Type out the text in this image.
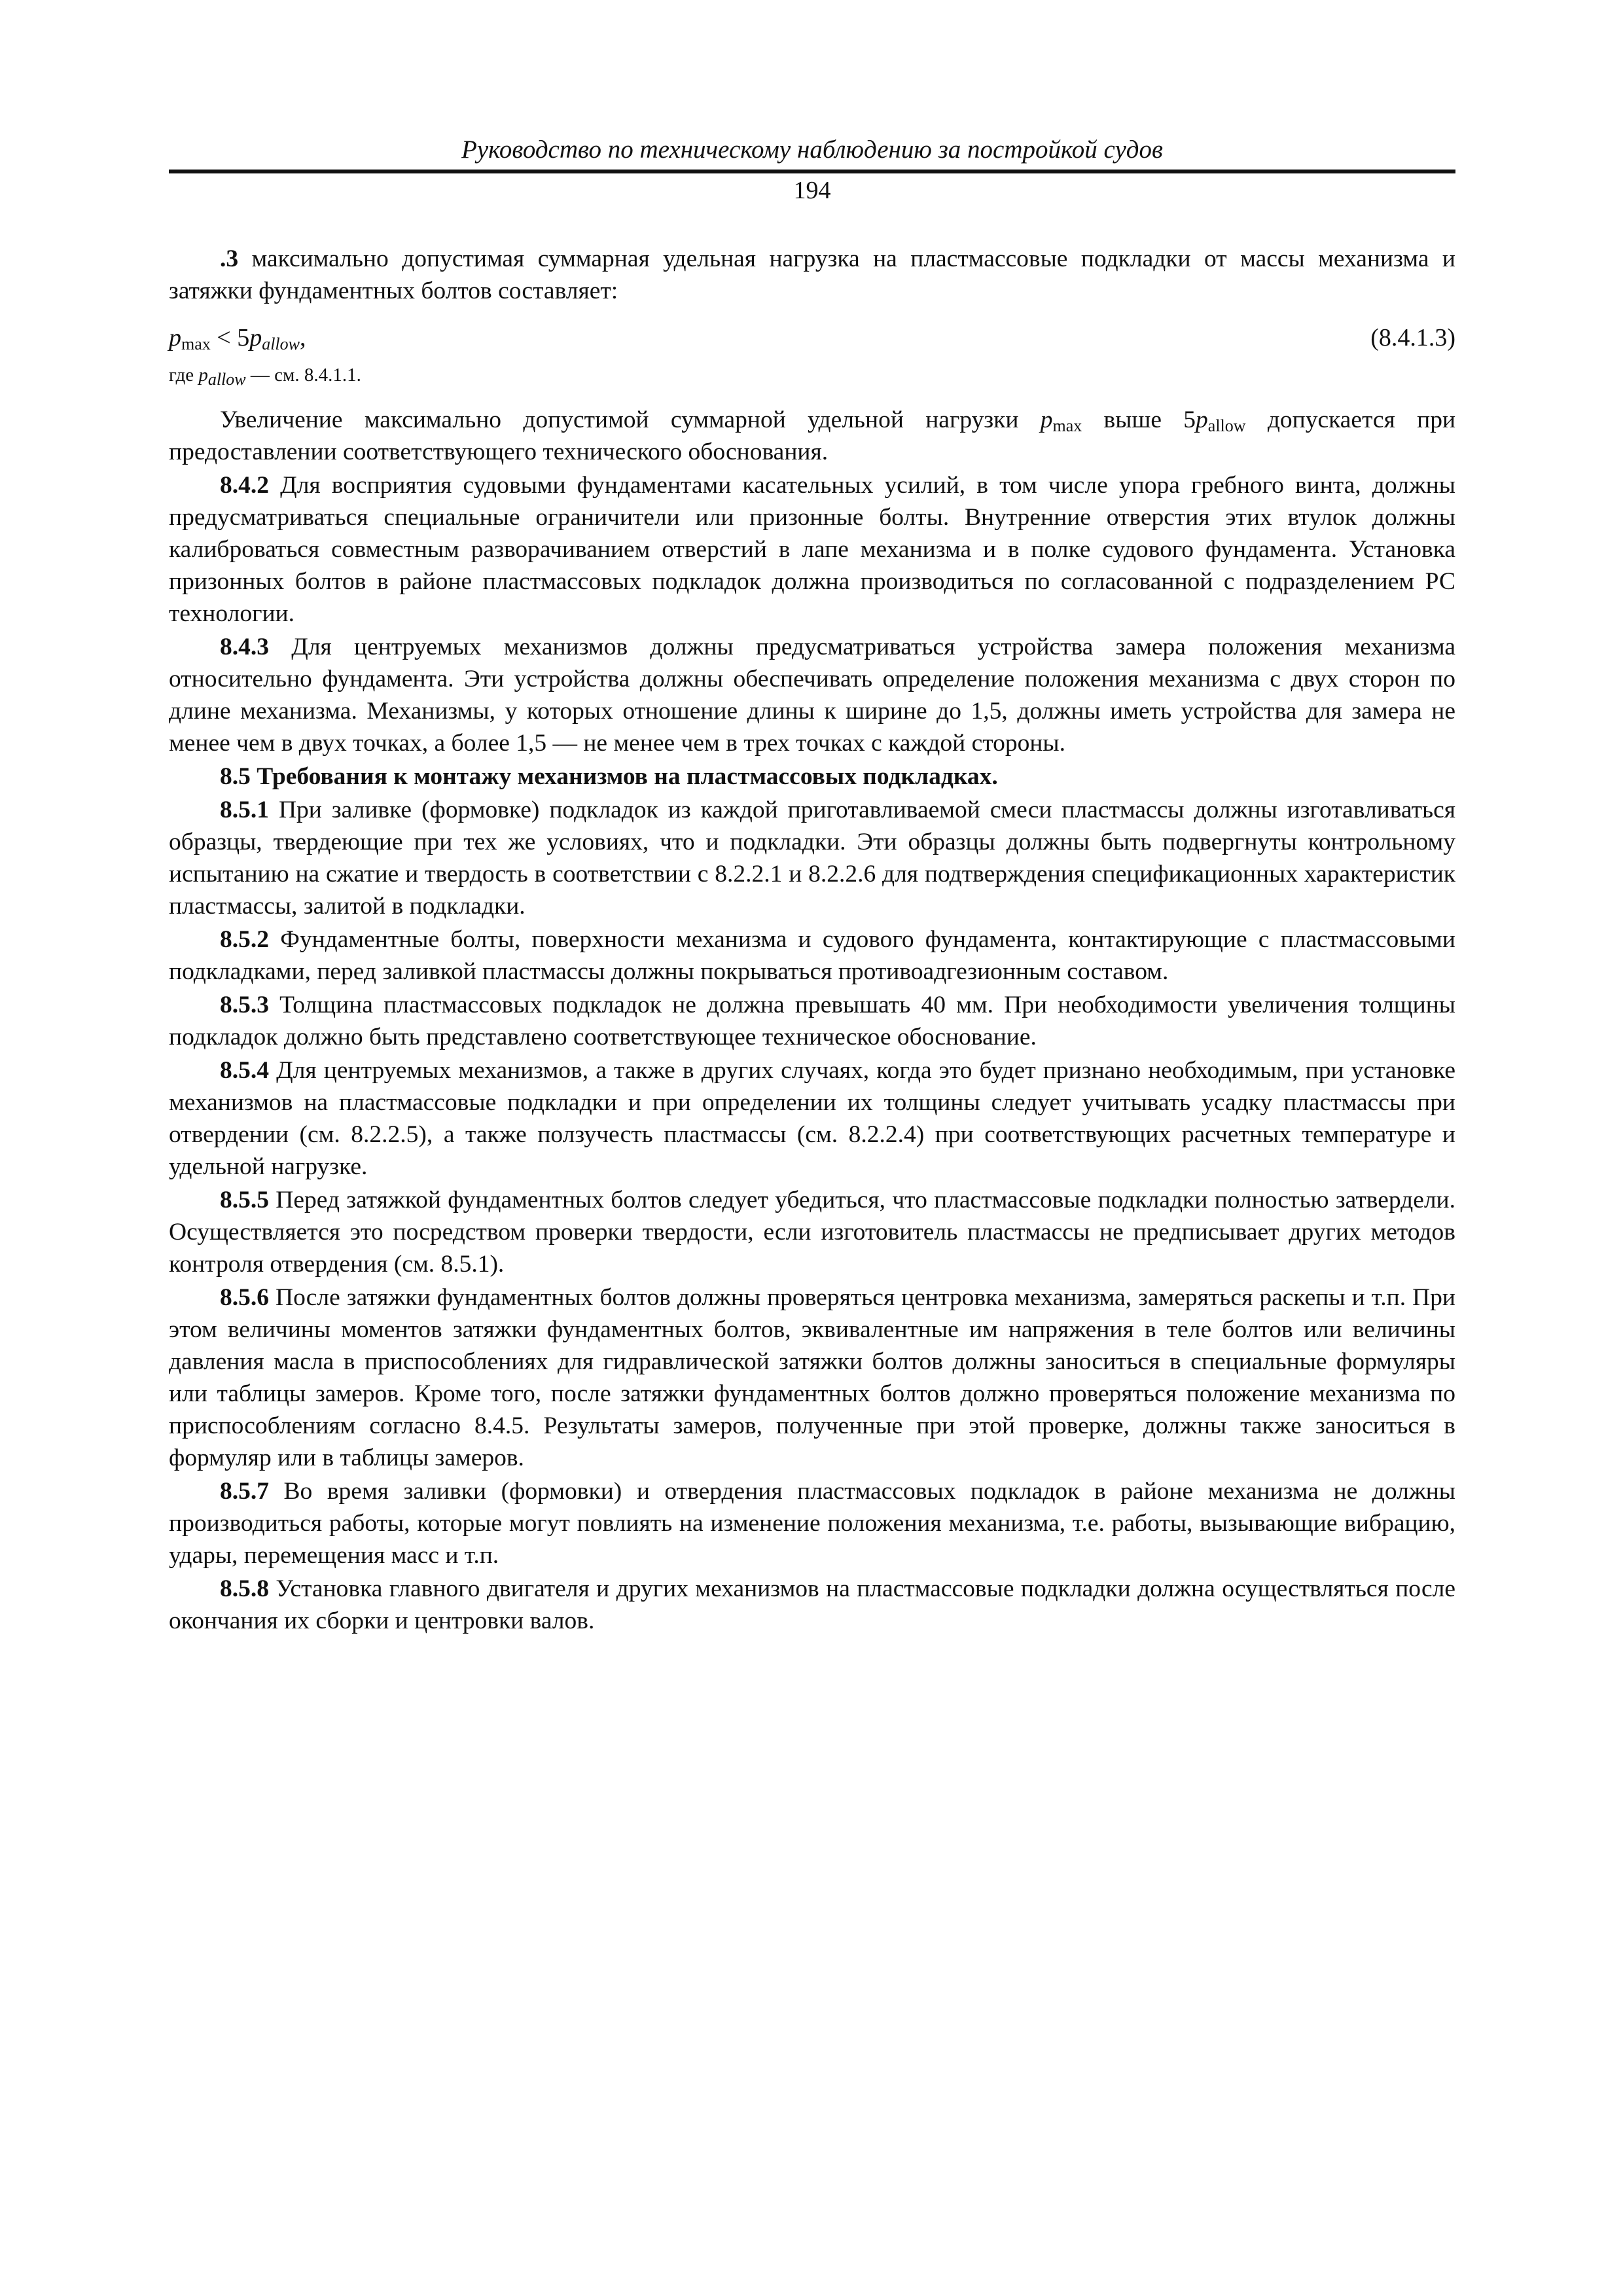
Руководство по техническому наблюдению за постройкой судов
194

.3 максимально допустимая суммарная удельная нагрузка на пластмассовые подкладки от массы механизма и затяжки фундаментных болтов составляет:

$p_{max} < 5p_{allow}$,	(8.4.1.3)
где $p_{allow}$ — см. 8.4.1.1.

Увеличение максимально допустимой суммарной удельной нагрузки $p_{max}$ выше $5p_{allow}$ допускается при предоставлении соответствующего технического обоснования.

8.4.2 Для восприятия судовыми фундаментами касательных усилий, в том числе упора гребного винта, должны предусматриваться специальные ограничители или призонные болты. Внутренние отверстия этих втулок должны калиброваться совместным разворачиванием отверстий в лапе механизма и в полке судового фундамента. Установка призонных болтов в районе пластмассовых подкладок должна производиться по согласованной с подразделением РС технологии.

8.4.3 Для центруемых механизмов должны предусматриваться устройства замера положения механизма относительно фундамента. Эти устройства должны обеспечивать определение положения механизма с двух сторон по длине механизма. Механизмы, у которых отношение длины к ширине до 1,5, должны иметь устройства для замера не менее чем в двух точках, а более 1,5 — не менее чем в трех точках с каждой стороны.

8.5 Требования к монтажу механизмов на пластмассовых подкладках.

8.5.1 При заливке (формовке) подкладок из каждой приготавливаемой смеси пластмассы должны изготавливаться образцы, твердеющие при тех же условиях, что и подкладки. Эти образцы должны быть подвергнуты контрольному испытанию на сжатие и твердость в соответствии с 8.2.2.1 и 8.2.2.6 для подтверждения спецификационных характеристик пластмассы, залитой в подкладки.

8.5.2 Фундаментные болты, поверхности механизма и судового фундамента, контактирующие с пластмассовыми подкладками, перед заливкой пластмассы должны покрываться противоадгезионным составом.

8.5.3 Толщина пластмассовых подкладок не должна превышать 40 мм. При необходимости увеличения толщины подкладок должно быть представлено соответствующее техническое обоснование.

8.5.4 Для центруемых механизмов, а также в других случаях, когда это будет признано необходимым, при установке механизмов на пластмассовые подкладки и при определении их толщины следует учитывать усадку пластмассы при отвердении (см. 8.2.2.5), а также ползучесть пластмассы (см. 8.2.2.4) при соответствующих расчетных температуре и удельной нагрузке.

8.5.5 Перед затяжкой фундаментных болтов следует убедиться, что пластмассовые подкладки полностью затвердели. Осуществляется это посредством проверки твердости, если изготовитель пластмассы не предписывает других методов контроля отвердения (см. 8.5.1).

8.5.6 После затяжки фундаментных болтов должны проверяться центровка механизма, замеряться раскепы и т.п. При этом величины моментов затяжки фундаментных болтов, эквивалентные им напряжения в теле болтов или величины давления масла в приспособлениях для гидравлической затяжки болтов должны заноситься в специальные формуляры или таблицы замеров. Кроме того, после затяжки фундаментных болтов должно проверяться положение механизма по приспособлениям согласно 8.4.5. Результаты замеров, полученные при этой проверке, должны также заноситься в формуляр или в таблицы замеров.

8.5.7 Во время заливки (формовки) и отвердения пластмассовых подкладок в районе механизма не должны производиться работы, которые могут повлиять на изменение положения механизма, т.е. работы, вызывающие вибрацию, удары, перемещения масс и т.п.

8.5.8 Установка главного двигателя и других механизмов на пластмассовые подкладки должна осуществляться после окончания их сборки и центровки валов.
